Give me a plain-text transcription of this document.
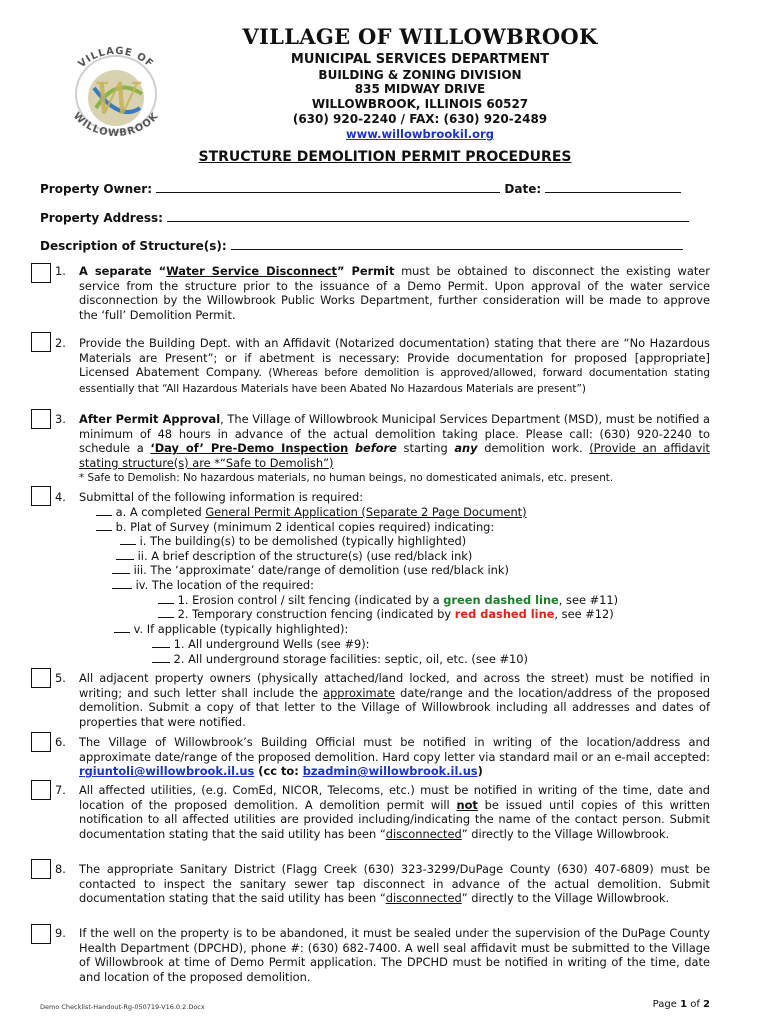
W
VILLAGE OF
WILLOWBROOK
VILLAGE OF WILLOWBROOK
MUNICIPAL SERVICES DEPARTMENT
BUILDING & ZONING DIVISION
835 MIDWAY DRIVE
WILLOWBROOK, ILLINOIS 60527
(630) 920-2240 / FAX: (630) 920-2489
www.willowbrookil.org
STRUCTURE DEMOLITION PERMIT PROCEDURES
Property Owner:	Date:
Property Address:
Description of Structure(s):
1. A separate “Water Service Disconnect” Permit must be obtained to disconnect the existing water service from the structure prior to the issuance of a Demo Permit. Upon approval of the water service disconnection by the Willowbrook Public Works Department, further consideration will be made to approve the ‘full’ Demolition Permit.
2. Provide the Building Dept. with an Affidavit (Notarized documentation) stating that there are “No Hazardous Materials are Present”; or if abetment is necessary: Provide documentation for proposed [appropriate] Licensed Abatement Company. (Whereas before demolition is approved/allowed, forward documentation stating essentially that “All Hazardous Materials have been Abated No Hazardous Materials are present”)
3. After Permit Approval, The Village of Willowbrook Municipal Services Department (MSD), must be notified a minimum of 48 hours in advance of the actual demolition taking place. Please call: (630) 920-2240 to schedule a ‘Day of’ Pre-Demo Inspection before starting any demolition work. (Provide an affidavit stating structure(s) are *“Safe to Demolish”)
* Safe to Demolish: No hazardous materials, no human beings, no domesticated animals, etc. present.
4. Submittal of the following information is required:
a. A completed General Permit Application (Separate 2 Page Document)
b. Plat of Survey (minimum 2 identical copies required) indicating:
i. The building(s) to be demolished (typically highlighted)
ii. A brief description of the structure(s) (use red/black ink)
iii. The ‘approximate’ date/range of demolition (use red/black ink)
iv. The location of the required:
1. Erosion control / silt fencing (indicated by a green dashed line, see #11)
2. Temporary construction fencing (indicated by red dashed line, see #12)
v. If applicable (typically highlighted):
1. All underground Wells (see #9):
2. All underground storage facilities: septic, oil, etc. (see #10)
5. All adjacent property owners (physically attached/land locked, and across the street) must be notified in writing; and such letter shall include the approximate date/range and the location/address of the proposed demolition. Submit a copy of that letter to the Village of Willowbrook including all addresses and dates of properties that were notified.
6. The Village of Willowbrook’s Building Official must be notified in writing of the location/address and approximate date/range of the proposed demolition. Hard copy letter via standard mail or an e-mail accepted: rgiuntoli@willowbrook.il.us (cc to: bzadmin@willowbrook.il.us)
7. All affected utilities, (e.g. ComEd, NICOR, Telecoms, etc.) must be notified in writing of the time, date and location of the proposed demolition. A demolition permit will not be issued until copies of this written notification to all affected utilities are provided including/indicating the name of the contact person. Submit documentation stating that the said utility has been “disconnected” directly to the Village Willowbrook.
8. The appropriate Sanitary District (Flagg Creek (630) 323-3299/DuPage County (630) 407-6809) must be contacted to inspect the sanitary sewer tap disconnect in advance of the actual demolition. Submit documentation stating that the said utility has been “disconnected” directly to the Village Willowbrook.
9. If the well on the property is to be abandoned, it must be sealed under the supervision of the DuPage County Health Department (DPCHD), phone #: (630) 682-7400. A well seal affidavit must be submitted to the Village of Willowbrook at time of Demo Permit application. The DPCHD must be notified in writing of the time, date and location of the proposed demolition.
Demo Checklist-Handout-Rg-050719-V16.0.2.Docx	Page 1 of 2
